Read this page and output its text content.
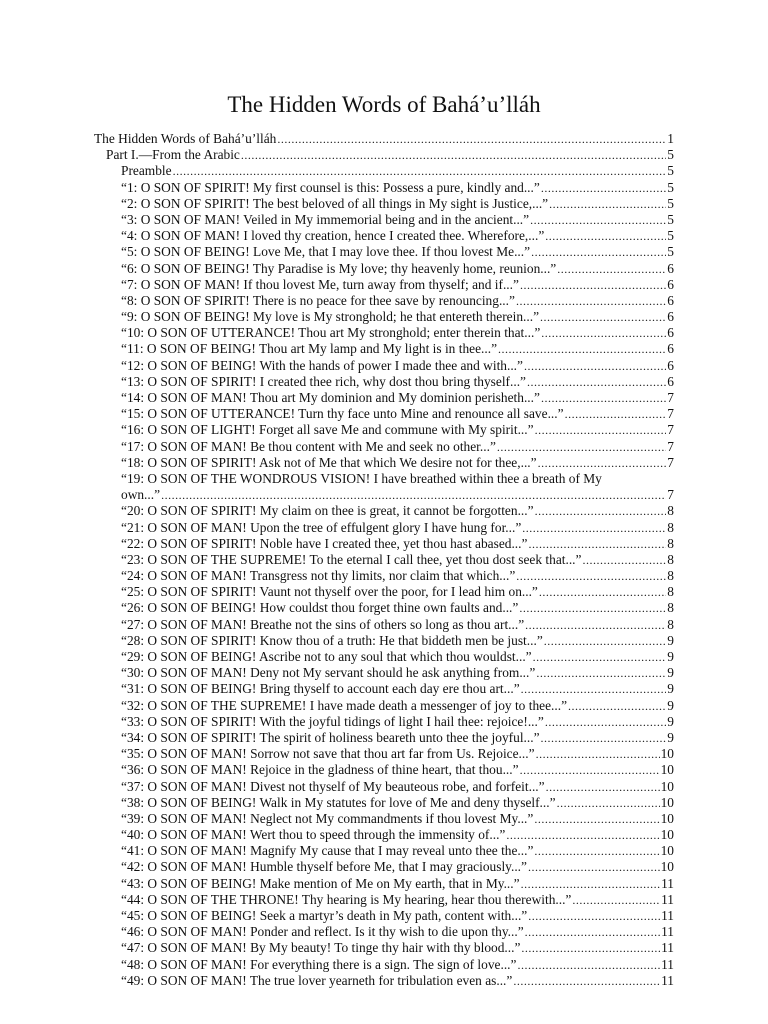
The Hidden Words of Bahá’u’lláh
The Hidden Words of Bahá’u’lláh .....	1
Part I.—From the Arabic .....	5
Preamble .....	5
“1: O SON OF SPIRIT! My first counsel is this: Possess a pure, kindly and...” .....	5
“2: O SON OF SPIRIT! The best beloved of all things in My sight is Justice,...” .....	5
“3: O SON OF MAN! Veiled in My immemorial being and in the ancient...” .....	5
“4: O SON OF MAN! I loved thy creation, hence I created thee. Wherefore,...” .....	5
“5: O SON OF BEING! Love Me, that I may love thee. If thou lovest Me...” .....	5
“6: O SON OF BEING! Thy Paradise is My love; thy heavenly home, reunion...” .....	6
“7: O SON OF MAN! If thou lovest Me, turn away from thyself; and if...” .....	6
“8: O SON OF SPIRIT! There is no peace for thee save by renouncing...” .....	6
“9: O SON OF BEING! My love is My stronghold; he that entereth therein...” .....	6
“10: O SON OF UTTERANCE! Thou art My stronghold; enter therein that...” .....	6
“11: O SON OF BEING! Thou art My lamp and My light is in thee...” .....	6
“12: O SON OF BEING! With the hands of power I made thee and with...” .....	6
“13: O SON OF SPIRIT! I created thee rich, why dost thou bring thyself...” .....	6
“14: O SON OF MAN! Thou art My dominion and My dominion perisheth...” .....	7
“15: O SON OF UTTERANCE! Turn thy face unto Mine and renounce all save...” .....	7
“16: O SON OF LIGHT! Forget all save Me and commune with My spirit...” .....	7
“17: O SON OF MAN! Be thou content with Me and seek no other...” .....	7
“18: O SON OF SPIRIT! Ask not of Me that which We desire not for thee,...” .....	7
“19: O SON OF THE WONDROUS VISION! I have breathed within thee a breath of My
own...” .....	7
“20: O SON OF SPIRIT! My claim on thee is great, it cannot be forgotten...” .....	8
“21: O SON OF MAN! Upon the tree of effulgent glory I have hung for...” .....	8
“22: O SON OF SPIRIT! Noble have I created thee, yet thou hast abased...” .....	8
“23: O SON OF THE SUPREME! To the eternal I call thee, yet thou dost seek that...” .....	8
“24: O SON OF MAN! Transgress not thy limits, nor claim that which...” .....	8
“25: O SON OF SPIRIT! Vaunt not thyself over the poor, for I lead him on...” .....	8
“26: O SON OF BEING! How couldst thou forget thine own faults and...” .....	8
“27: O SON OF MAN! Breathe not the sins of others so long as thou art...” .....	8
“28: O SON OF SPIRIT! Know thou of a truth: He that biddeth men be just...” .....	9
“29: O SON OF BEING! Ascribe not to any soul that which thou wouldst...” .....	9
“30: O SON OF MAN! Deny not My servant should he ask anything from...” .....	9
“31: O SON OF BEING! Bring thyself to account each day ere thou art...” .....	9
“32: O SON OF THE SUPREME! I have made death a messenger of joy to thee...” .....	9
“33: O SON OF SPIRIT! With the joyful tidings of light I hail thee: rejoice!...” .....	9
“34: O SON OF SPIRIT! The spirit of holiness beareth unto thee the joyful...” .....	9
“35: O SON OF MAN! Sorrow not save that thou art far from Us. Rejoice...” .....	10
“36: O SON OF MAN! Rejoice in the gladness of thine heart, that thou...” .....	10
“37: O SON OF MAN! Divest not thyself of My beauteous robe, and forfeit...” .....	10
“38: O SON OF BEING! Walk in My statutes for love of Me and deny thyself...” .....	10
“39: O SON OF MAN! Neglect not My commandments if thou lovest My...” .....	10
“40: O SON OF MAN! Wert thou to speed through the immensity of...” .....	10
“41: O SON OF MAN! Magnify My cause that I may reveal unto thee the...” .....	10
“42: O SON OF MAN! Humble thyself before Me, that I may graciously...” .....	10
“43: O SON OF BEING! Make mention of Me on My earth, that in My...” .....	11
“44: O SON OF THE THRONE! Thy hearing is My hearing, hear thou therewith...” .....	11
“45: O SON OF BEING! Seek a martyr’s death in My path, content with...” .....	11
“46: O SON OF MAN! Ponder and reflect. Is it thy wish to die upon thy...” .....	11
“47: O SON OF MAN! By My beauty! To tinge thy hair with thy blood...” .....	11
“48: O SON OF MAN! For everything there is a sign. The sign of love...” .....	11
“49: O SON OF MAN! The true lover yearneth for tribulation even as...” .....	11
